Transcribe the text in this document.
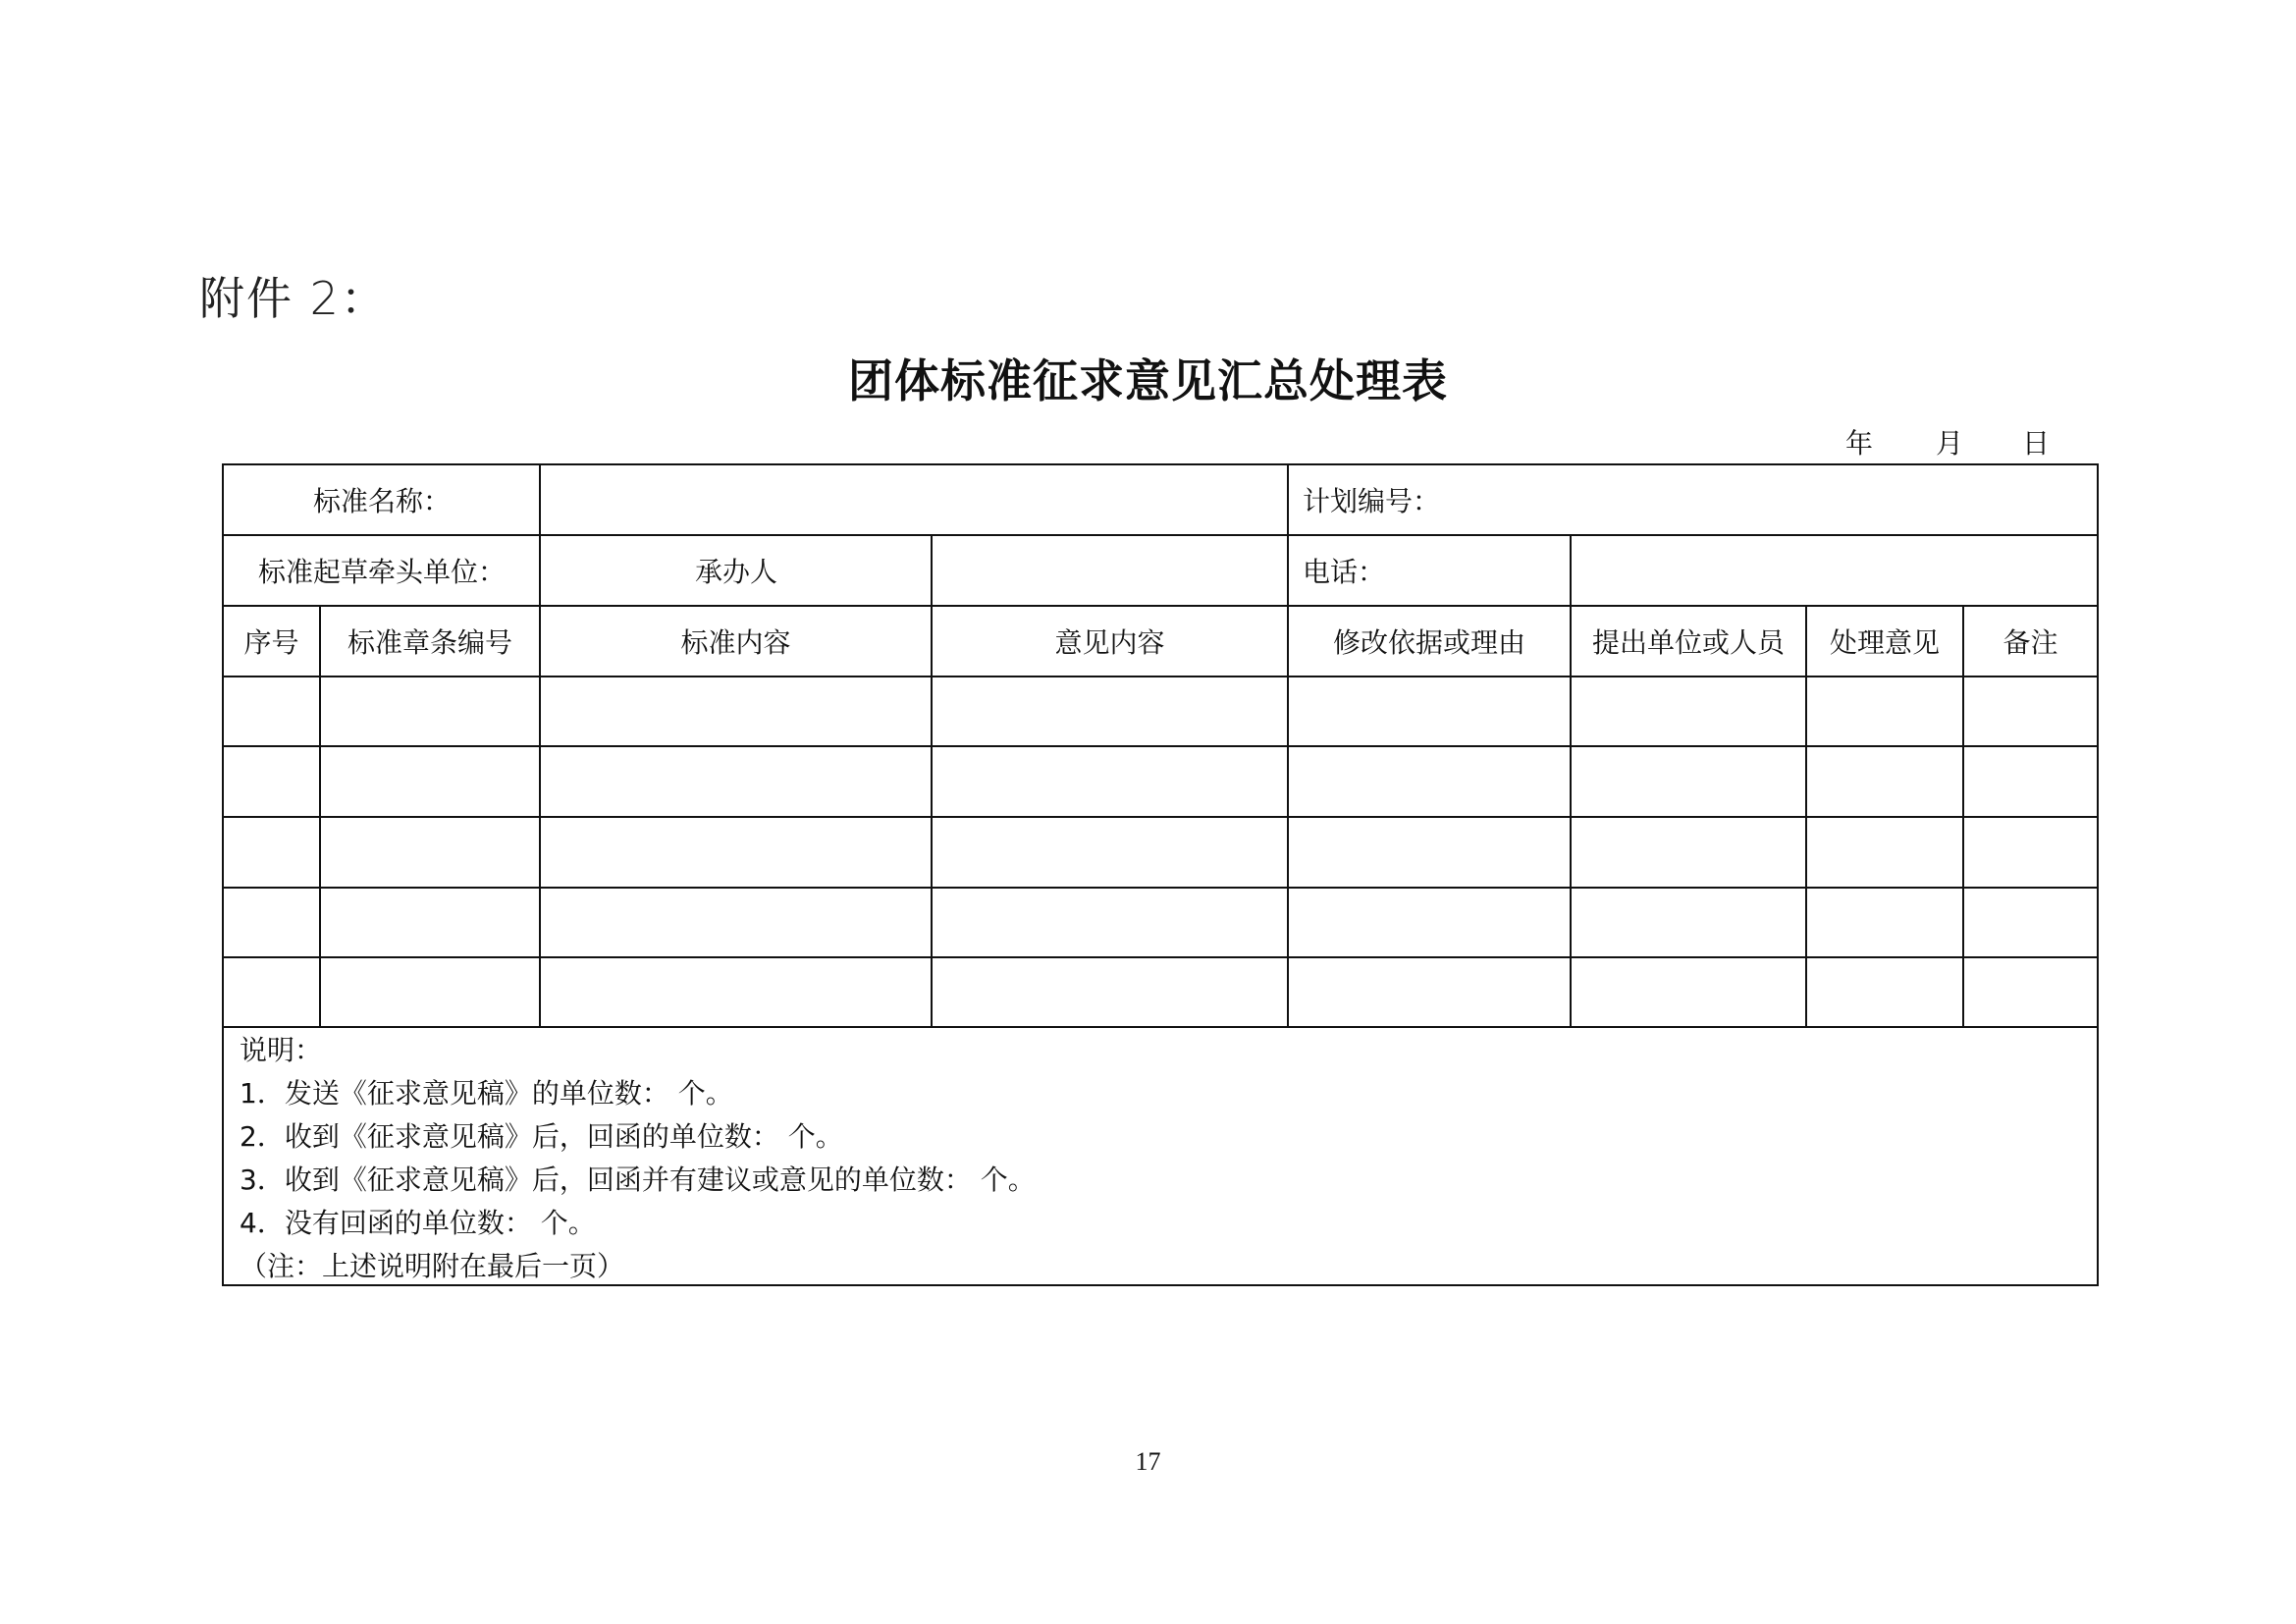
附件 2：
团体标准征求意见汇总处理表
年 月 日
标准名称：	计划编号：
标准起草牵头单位：	承办人	电话：
序号	标准章条编号	标准内容	意见内容	修改依据或理由	提出单位或人员	处理意见	备注
说明：
1．发送《征求意见稿》的单位数： 个。
2．收到《征求意见稿》后，回函的单位数： 个。
3．收到《征求意见稿》后，回函并有建议或意见的单位数： 个。
4．没有回函的单位数： 个。
（注：上述说明附在最后一页）
17
